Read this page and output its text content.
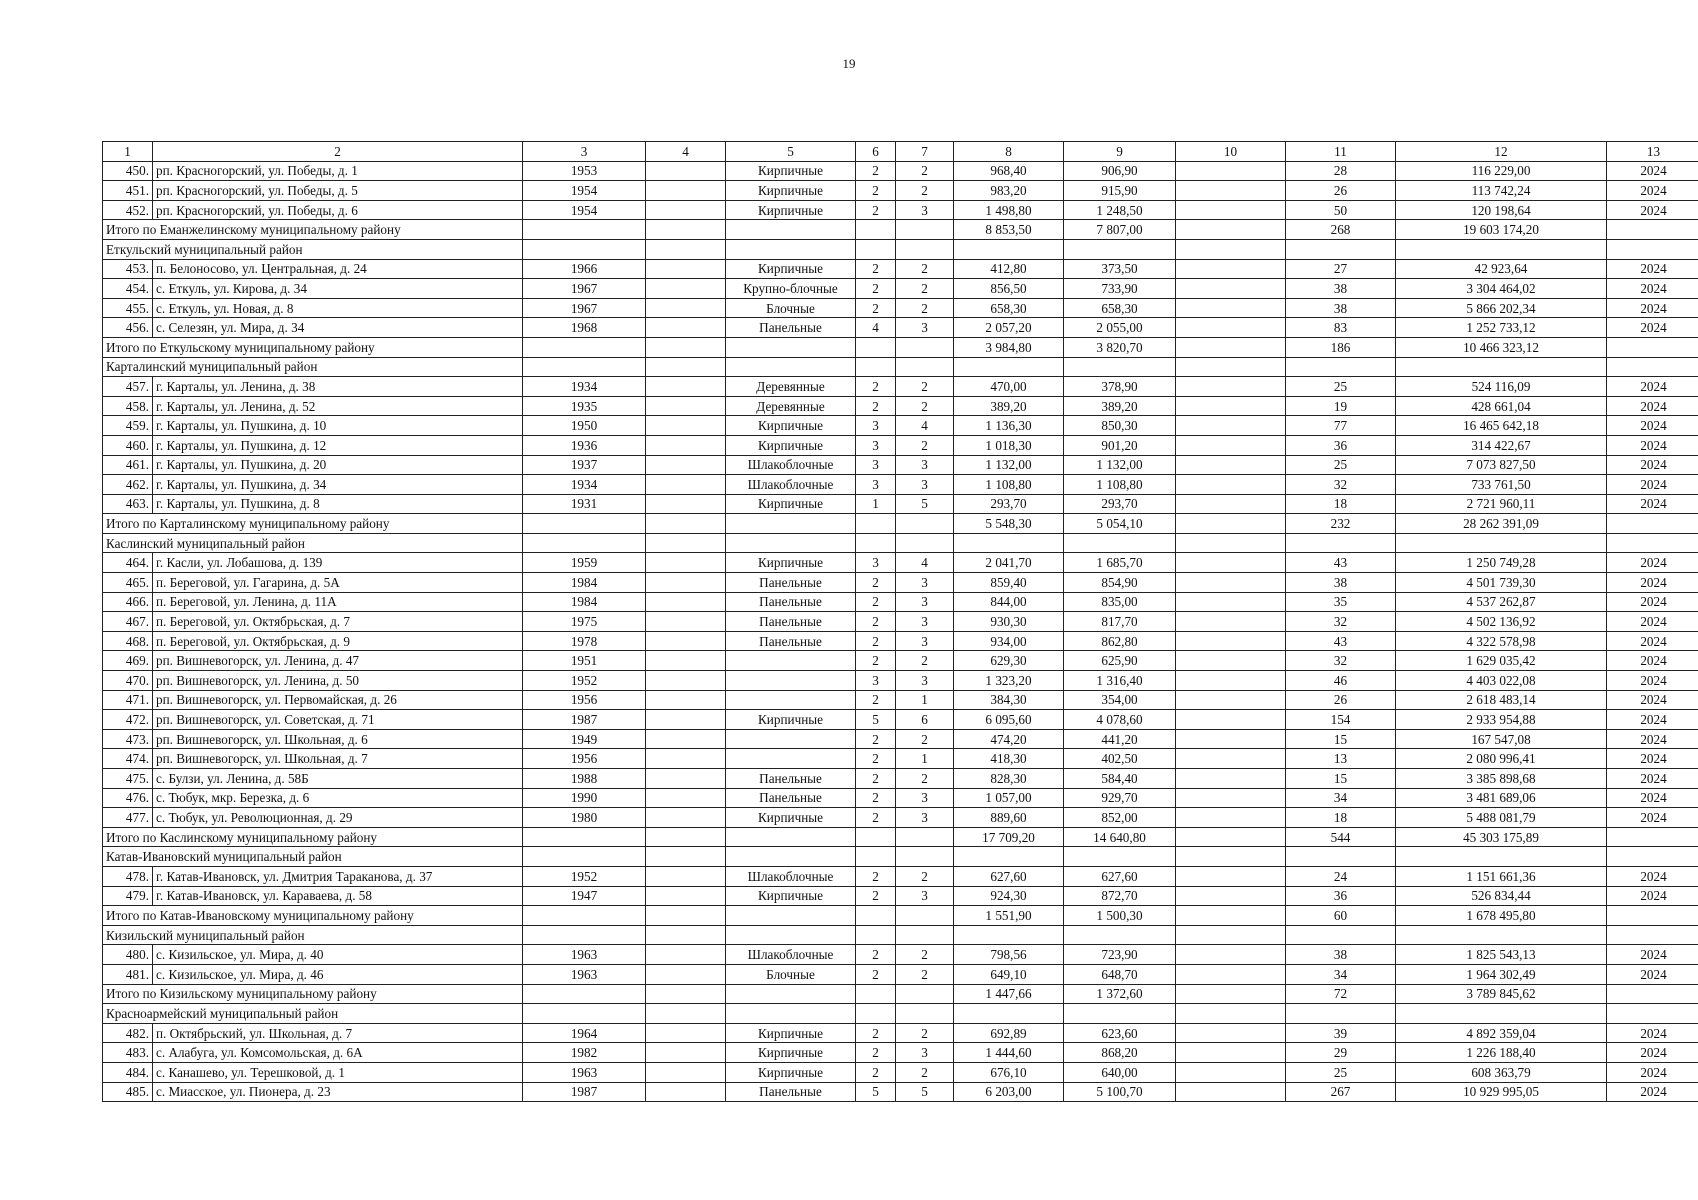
19
1	2	3	4	5	6	7	8	9	10	11	12	13
450.	рп. Красногорский, ул. Победы, д. 1	1953		Кирпичные	2	2	968,40	906,90		28	116 229,00	2024
451.	рп. Красногорский, ул. Победы, д. 5	1954		Кирпичные	2	2	983,20	915,90		26	113 742,24	2024
452.	рп. Красногорский, ул. Победы, д. 6	1954		Кирпичные	2	3	1 498,80	1 248,50		50	120 198,64	2024
Итого по Еманжелинскому муниципальному району							8 853,50	7 807,00		268	19 603 174,20	
Еткульский муниципальный район												
453.	п. Белоносово, ул. Центральная, д. 24	1966		Кирпичные	2	2	412,80	373,50		27	42 923,64	2024
454.	с. Еткуль, ул. Кирова, д. 34	1967		Крупно-блочные	2	2	856,50	733,90		38	3 304 464,02	2024
455.	с. Еткуль, ул. Новая, д. 8	1967		Блочные	2	2	658,30	658,30		38	5 866 202,34	2024
456.	с. Селезян, ул. Мира, д. 34	1968		Панельные	4	3	2 057,20	2 055,00		83	1 252 733,12	2024
Итого по Еткульскому муниципальному району							3 984,80	3 820,70		186	10 466 323,12	
Карталинский муниципальный район												
457.	г. Карталы, ул. Ленина, д. 38	1934		Деревянные	2	2	470,00	378,90		25	524 116,09	2024
458.	г. Карталы, ул. Ленина, д. 52	1935		Деревянные	2	2	389,20	389,20		19	428 661,04	2024
459.	г. Карталы, ул. Пушкина, д. 10	1950		Кирпичные	3	4	1 136,30	850,30		77	16 465 642,18	2024
460.	г. Карталы, ул. Пушкина, д. 12	1936		Кирпичные	3	2	1 018,30	901,20		36	314 422,67	2024
461.	г. Карталы, ул. Пушкина, д. 20	1937		Шлакоблочные	3	3	1 132,00	1 132,00		25	7 073 827,50	2024
462.	г. Карталы, ул. Пушкина, д. 34	1934		Шлакоблочные	3	3	1 108,80	1 108,80		32	733 761,50	2024
463.	г. Карталы, ул. Пушкина, д. 8	1931		Кирпичные	1	5	293,70	293,70		18	2 721 960,11	2024
Итого по Карталинскому муниципальному району							5 548,30	5 054,10		232	28 262 391,09	
Каслинский муниципальный район												
464.	г. Касли, ул. Лобашова, д. 139	1959		Кирпичные	3	4	2 041,70	1 685,70		43	1 250 749,28	2024
465.	п. Береговой, ул. Гагарина, д. 5А	1984		Панельные	2	3	859,40	854,90		38	4 501 739,30	2024
466.	п. Береговой, ул. Ленина, д. 11А	1984		Панельные	2	3	844,00	835,00		35	4 537 262,87	2024
467.	п. Береговой, ул. Октябрьская, д. 7	1975		Панельные	2	3	930,30	817,70		32	4 502 136,92	2024
468.	п. Береговой, ул. Октябрьская, д. 9	1978		Панельные	2	3	934,00	862,80		43	4 322 578,98	2024
469.	рп. Вишневогорск, ул. Ленина, д. 47	1951			2	2	629,30	625,90		32	1 629 035,42	2024
470.	рп. Вишневогорск, ул. Ленина, д. 50	1952			3	3	1 323,20	1 316,40		46	4 403 022,08	2024
471.	рп. Вишневогорск, ул. Первомайская, д. 26	1956			2	1	384,30	354,00		26	2 618 483,14	2024
472.	рп. Вишневогорск, ул. Советская, д. 71	1987		Кирпичные	5	6	6 095,60	4 078,60		154	2 933 954,88	2024
473.	рп. Вишневогорск, ул. Школьная, д. 6	1949			2	2	474,20	441,20		15	167 547,08	2024
474.	рп. Вишневогорск, ул. Школьная, д. 7	1956			2	1	418,30	402,50		13	2 080 996,41	2024
475.	с. Булзи, ул. Ленина, д. 58Б	1988		Панельные	2	2	828,30	584,40		15	3 385 898,68	2024
476.	с. Тюбук, мкр. Березка, д. 6	1990		Панельные	2	3	1 057,00	929,70		34	3 481 689,06	2024
477.	с. Тюбук, ул. Революционная, д. 29	1980		Кирпичные	2	3	889,60	852,00		18	5 488 081,79	2024
Итого по Каслинскому муниципальному району							17 709,20	14 640,80		544	45 303 175,89	
Катав-Ивановский муниципальный район												
478.	г. Катав-Ивановск, ул. Дмитрия Тараканова, д. 37	1952		Шлакоблочные	2	2	627,60	627,60		24	1 151 661,36	2024
479.	г. Катав-Ивановск, ул. Караваева, д. 58	1947		Кирпичные	2	3	924,30	872,70		36	526 834,44	2024
Итого по Катав-Ивановскому муниципальному району							1 551,90	1 500,30		60	1 678 495,80	
Кизильский муниципальный район												
480.	с. Кизильское, ул. Мира, д. 40	1963		Шлакоблочные	2	2	798,56	723,90		38	1 825 543,13	2024
481.	с. Кизильское, ул. Мира, д. 46	1963		Блочные	2	2	649,10	648,70		34	1 964 302,49	2024
Итого по Кизильскому муниципальному району							1 447,66	1 372,60		72	3 789 845,62	
Красноармейский муниципальный район												
482.	п. Октябрьский, ул. Школьная, д. 7	1964		Кирпичные	2	2	692,89	623,60		39	4 892 359,04	2024
483.	с. Алабуга, ул. Комсомольская, д. 6А	1982		Кирпичные	2	3	1 444,60	868,20		29	1 226 188,40	2024
484.	с. Канашево, ул. Терешковой, д. 1	1963		Кирпичные	2	2	676,10	640,00		25	608 363,79	2024
485.	с. Миасское, ул. Пионера, д. 23	1987		Панельные	5	5	6 203,00	5 100,70		267	10 929 995,05	2024
